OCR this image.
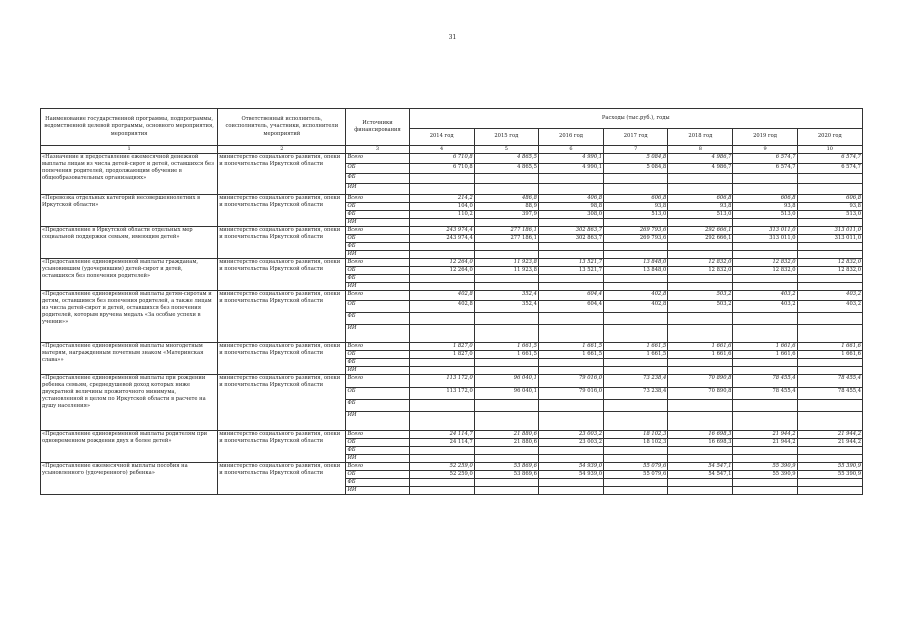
31
Наименование государственной программы, подпрограммы, ведомственной целевой программы, основного мероприятия, мероприятия	Ответственный исполнитель, соисполнитель, участники, исполнители мероприятий	Источники финансирования	Расходы (тыс.руб.), годы						
			2014 год	2015 год	2016 год	2017 год	2018 год	2019 год	2020 год
1	2	3	4	5	6	7	8	9	10
«Назначение и предоставление ежемесячной денежной выплаты лицам из числа детей-сирот и детей, оставшихся без попечения родителей, продолжающим обучение в общеобразовательных организациях»	министерство социального развития, опеки и попечительства Иркутской области	Всего	6 710,8	4 865,5	4 990,1	5 084,8	4 986,7	6 574,7	6 574,7
		ОБ	6 710,8	4 865,5	4 990,1	5 084,8	4 986,7	6 574,7	6 574,7
		ФБ							
		ИИ							
«Перевозка отдельных категорий несовершеннолетних в Иркутской области»	министерство социального развития, опеки и попечительства Иркутской области	Всего	214,2	486,8	406,8	606,8	606,8	606,8	606,8
		ОБ	104,0	88,9	98,8	93,8	93,8	93,8	93,8
		ФБ	110,2	397,9	308,0	513,0	513,0	513,0	513,0
		ИИ							
«Предоставление в Иркутской области отдельных мер социальной поддержки семьям, имеющим детей»	министерство социального развития, опеки и попечительства Иркутской области	Всего	243 974,4	277 186,1	302 863,7	269 793,6	292 666,1	313 011,0	313 011,0
		ОБ	243 974,4	277 186,1	302 863,7	269 793,6	292 666,1	313 011,0	313 011,0
		ФБ							
		ИИ							
«Предоставление единовременной выплаты гражданам, усыновившим (удочерившим) детей-сирот и детей, оставшихся без попечения родителей»	министерство социального развития, опеки и попечительства Иркутской области	Всего	12 264,0	11 923,8	13 521,7	13 848,0	12 832,0	12 832,0	12 832,0
		ОБ	12 264,0	11 923,8	13 521,7	13 848,0	12 832,0	12 832,0	12 832,0
		ФБ							
		ИИ							
«Предоставление единовременной выплаты детям-сиротам и детям, оставшимся без попечения родителей, а также лицам из числа детей-сирот и детей, оставшихся без попечения родителей, которым вручена медаль «За особые успехи в учении»»	министерство социального развития, опеки и попечительства Иркутской области	Всего	402,8	352,4	604,4	402,8	503,2	403,2	403,2
		ОБ	402,8	352,4	604,4	402,8	503,2	403,2	403,2
		ФБ							
		ИИ							
«Предоставление единовременной выплаты многодетным матерям, награжденным почетным знаком «Материнская слава»»	министерство социального развития, опеки и попечительства Иркутской области	Всего	1 827,0	1 661,5	1 661,5	1 661,5	1 661,6	1 661,6	1 661,6
		ОБ	1 827,0	1 661,5	1 661,5	1 661,5	1 661,6	1 661,6	1 661,6
		ФБ							
		ИИ							
«Предоставление единовременной выплаты при рождении ребенка семьям, среднедушевой доход которых ниже двукратной величины прожиточного минимума, установленной в целом по Иркутской области в расчете на душу населения»	министерство социального развития, опеки и попечительства Иркутской области	Всего	113 172,0	96 040,1	79 016,0	73 238,4	70 890,8	78 455,4	78 455,4
		ОБ	113 172,0	96 040,1	79 016,0	73 238,4	70 890,8	78 455,4	78 455,4
		ФБ							
		ИИ							
«Предоставление единовременной выплаты родителям при одновременном рождении двух и более детей»	министерство социального развития, опеки и попечительства Иркутской области	Всего	24 114,7	21 880,6	23 003,2	18 102,3	16 698,3	21 944,2	21 944,2
		ОБ	24 114,7	21 880,6	23 003,2	18 102,3	16 698,3	21 944,2	21 944,2
		ФБ							
		ИИ							
«Предоставление ежемесячной выплаты пособия на усыновленного (удочеренного) ребенка»	министерство социального развития, опеки и попечительства Иркутской области	Всего	52 259,0	53 869,6	54 939,0	55 079,6	54 547,1	55 390,9	55 390,9
		ОБ	52 259,0	53 869,6	54 939,0	55 079,6	54 547,1	55 390,9	55 390,9
		ФБ							
		ИИ							
